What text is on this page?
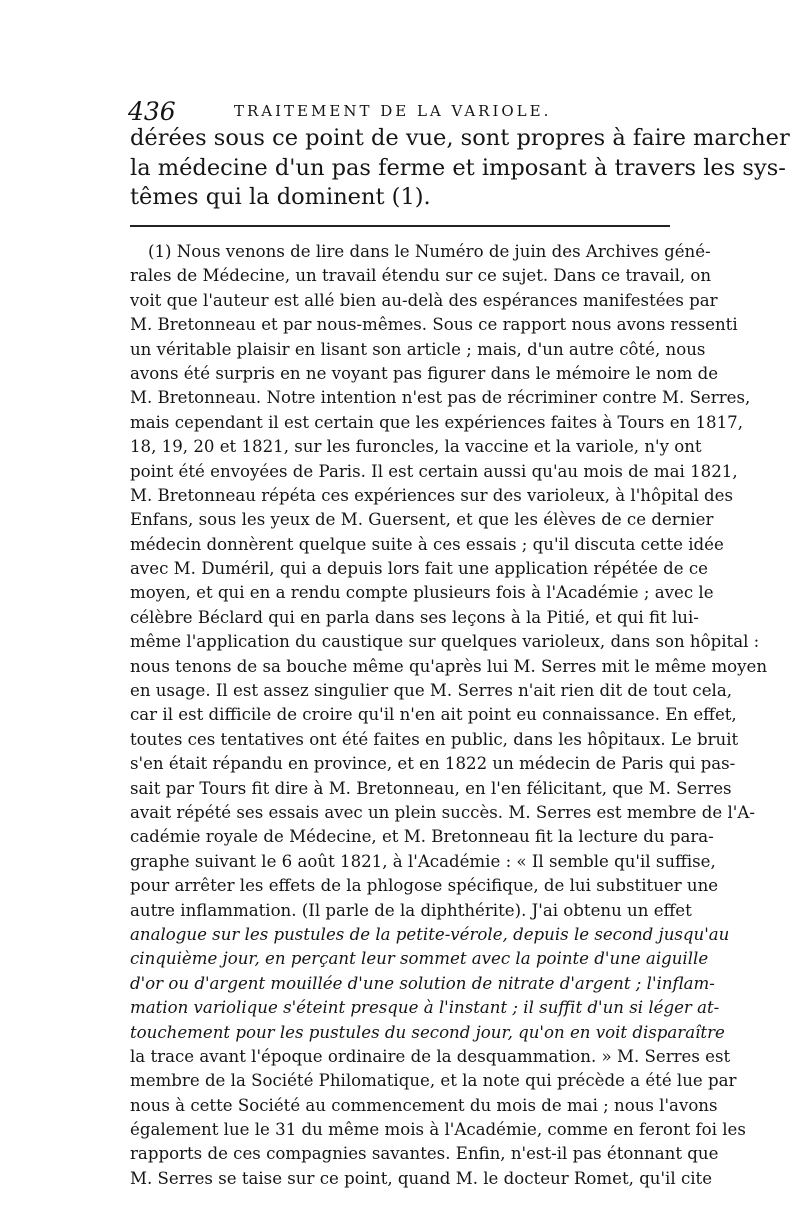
436	TRAITEMENT DE LA VARIOLE.
dérées sous ce point de vue, sont propres à faire marcher
la médecine d'un pas ferme et imposant à travers les sys-
têmes qui la dominent (1).
(1) Nous venons de lire dans le Numéro de juin des Archives géné-
rales de Médecine, un travail étendu sur ce sujet. Dans ce travail, on
voit que l'auteur est allé bien au-delà des espérances manifestées par
M. Bretonneau et par nous-mêmes. Sous ce rapport nous avons ressenti
un véritable plaisir en lisant son article ; mais, d'un autre côté, nous
avons été surpris en ne voyant pas figurer dans le mémoire le nom de
M. Bretonneau. Notre intention n'est pas de récriminer contre M. Serres,
mais cependant il est certain que les expériences faites à Tours en 1817,
18, 19, 20 et 1821, sur les furoncles, la vaccine et la variole, n'y ont
point été envoyées de Paris. Il est certain aussi qu'au mois de mai 1821,
M. Bretonneau répéta ces expériences sur des varioleux, à l'hôpital des
Enfans, sous les yeux de M. Guersent, et que les élèves de ce dernier
médecin donnèrent quelque suite à ces essais ; qu'il discuta cette idée
avec M. Duméril, qui a depuis lors fait une application répétée de ce
moyen, et qui en a rendu compte plusieurs fois à l'Académie ; avec le
célèbre Béclard qui en parla dans ses leçons à la Pitié, et qui fit lui-
même l'application du caustique sur quelques varioleux, dans son hôpital :
nous tenons de sa bouche même qu'après lui M. Serres mit le même moyen
en usage. Il est assez singulier que M. Serres n'ait rien dit de tout cela,
car il est difficile de croire qu'il n'en ait point eu connaissance. En effet,
toutes ces tentatives ont été faites en public, dans les hôpitaux. Le bruit
s'en était répandu en province, et en 1822 un médecin de Paris qui pas-
sait par Tours fit dire à M. Bretonneau, en l'en félicitant, que M. Serres
avait répété ses essais avec un plein succès. M. Serres est membre de l'A-
cadémie royale de Médecine, et M. Bretonneau fit la lecture du para-
graphe suivant le 6 août 1821, à l'Académie : « Il semble qu'il suffise,
pour arrêter les effets de la phlogose spécifique, de lui substituer une
autre inflammation. (Il parle de la diphthérite). J'ai obtenu un effet
analogue sur les pustules de la petite-vérole, depuis le second jusqu'au
cinquième jour, en perçant leur sommet avec la pointe d'une aiguille
d'or ou d'argent mouillée d'une solution de nitrate d'argent ; l'inflam-
mation variolique s'éteint presque à l'instant ; il suffit d'un si léger at-
touchement pour les pustules du second jour, qu'on en voit disparaître
la trace avant l'époque ordinaire de la desquammation. » M. Serres est
membre de la Société Philomatique, et la note qui précède a été lue par
nous à cette Société au commencement du mois de mai ; nous l'avons
également lue le 31 du même mois à l'Académie, comme en feront foi les
rapports de ces compagnies savantes. Enfin, n'est-il pas étonnant que
M. Serres se taise sur ce point, quand M. le docteur Romet, qu'il cite
